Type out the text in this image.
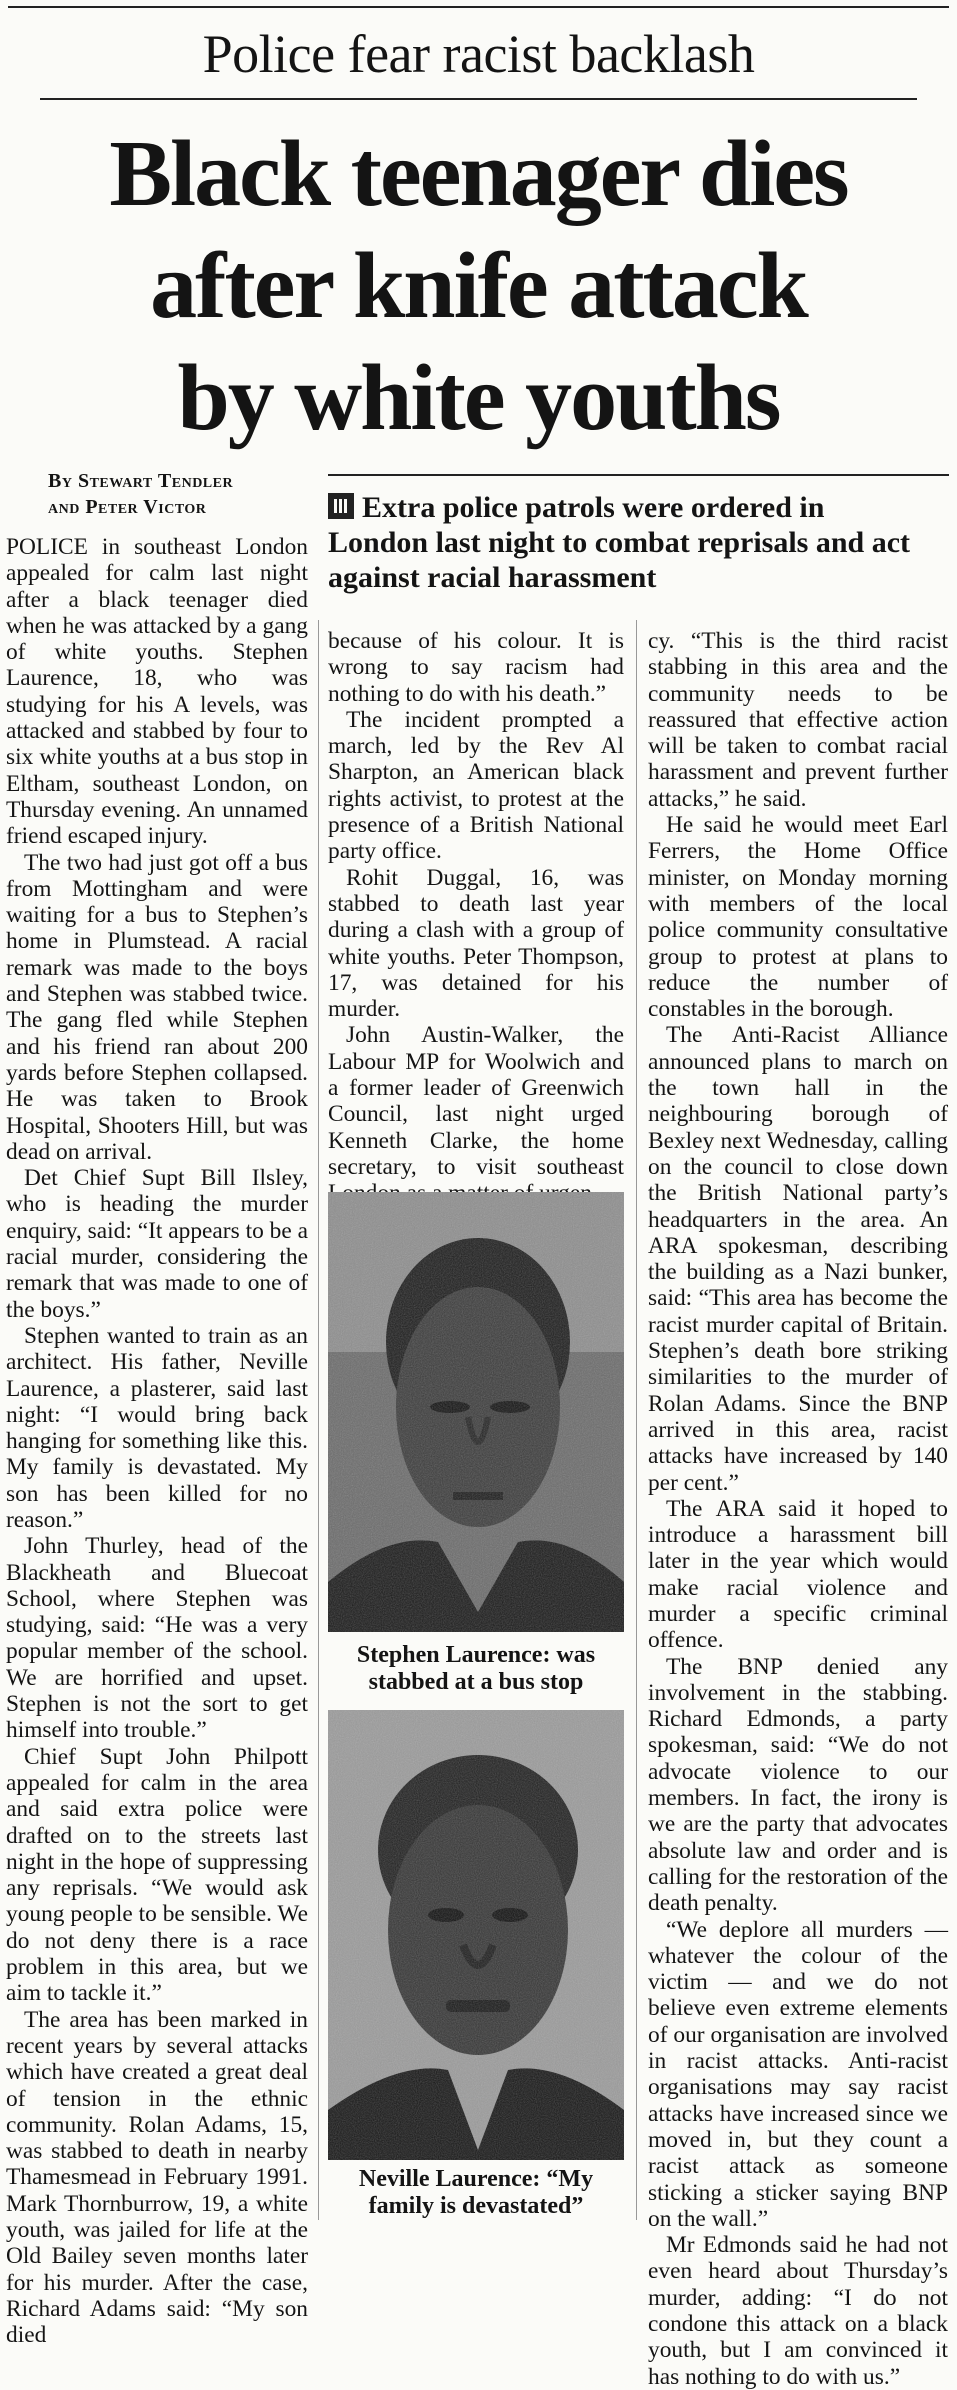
Police fear racist backlash
Black teenager dies
after knife attack
by white youths
By Stewart Tendler
and Peter Victor	Extra police patrols were ordered in London last night to combat reprisals and act against racial harassment

POLICE in southeast London appealed for calm last night after a black teenager died when he was attacked by a gang of white youths. Stephen Laurence, 18, who was studying for his A levels, was attacked and stabbed by four to six white youths at a bus stop in Eltham, southeast London, on Thursday evening. An unnamed friend escaped injury.

The two had just got off a bus from Mottingham and were waiting for a bus to Stephen’s home in Plumstead. A racial remark was made to the boys and Stephen was stabbed twice. The gang fled while Stephen and his friend ran about 200 yards before Stephen collapsed. He was taken to Brook Hospital, Shooters Hill, but was dead on arrival.

Det Chief Supt Bill Ilsley, who is heading the murder enquiry, said: “It appears to be a racial murder, considering the remark that was made to one of the boys.”

Stephen wanted to train as an architect. His father, Neville Laurence, a plasterer, said last night: “I would bring back hanging for something like this. My family is devastated. My son has been killed for no reason.”

John Thurley, head of the Blackheath and Bluecoat School, where Stephen was studying, said: “He was a very popular member of the school. We are horrified and upset. Stephen is not the sort to get himself into trouble.”

Chief Supt John Philpott appealed for calm in the area and said extra police were drafted on to the streets last night in the hope of suppressing any reprisals. “We would ask young people to be sensible. We do not deny there is a race problem in this area, but we aim to tackle it.”

The area has been marked in recent years by several attacks which have created a great deal of tension in the ethnic community. Rolan Adams, 15, was stabbed to death in nearby Thamesmead in February 1991. Mark Thornburrow, 19, a white youth, was jailed for life at the Old Bailey seven months later for his murder. After the case, Richard Adams said: “My son died

because of his colour. It is wrong to say racism had nothing to do with his death.”

The incident prompted a march, led by the Rev Al Sharpton, an American black rights activist, to protest at the presence of a British National party office.

Rohit Duggal, 16, was stabbed to death last year during a clash with a group of white youths. Peter Thompson, 17, was detained for his murder.

John Austin-Walker, the Labour MP for Woolwich and a former leader of Greenwich Council, last night urged Kenneth Clarke, the home secretary, to visit southeast

Stephen Laurence: was stabbed at a bus stop
Neville Laurence: “My family is devastated”

cy. “This is the third racist stabbing in this area and the community needs to be reassured that effective action will be taken to combat racial harassment and prevent further attacks,” he said.

He said he would meet Earl Ferrers, the Home Office minister, on Monday morning with members of the local police community consultative group to protest at plans to reduce the number of constables in the borough.

The Anti-Racist Alliance announced plans to march on the town hall in the neighbouring borough of Bexley next Wednesday, calling on the council to close down the British National party’s headquarters in the area. An ARA spokesman, describing the building as a Nazi bunker, said: “This area has become the racist murder capital of Britain. Stephen’s death bore striking similarities to the murder of Rolan Adams. Since the BNP arrived in this area, racist attacks have increased by 140 per cent.”

The ARA said it hoped to introduce a harassment bill later in the year which would make racial violence and murder a specific criminal offence.

The BNP denied any involvement in the stabbing. Richard Edmonds, a party spokesman, said: “We do not advocate violence to our members. In fact, the irony is we are the party that advocates absolute law and order and is calling for the restoration of the death penalty.

“We deplore all murders — whatever the colour of the victim — and we do not believe even extreme elements of our organisation are involved in racist attacks. Anti-racist organisations may say racist attacks have increased since we moved in, but they count a racist attack as someone sticking a sticker saying BNP on the wall.”

Mr Edmonds said he had not even heard about Thursday’s murder, adding: “I do not condone this attack on a black youth, but I am convinced it has nothing to do with us.”
